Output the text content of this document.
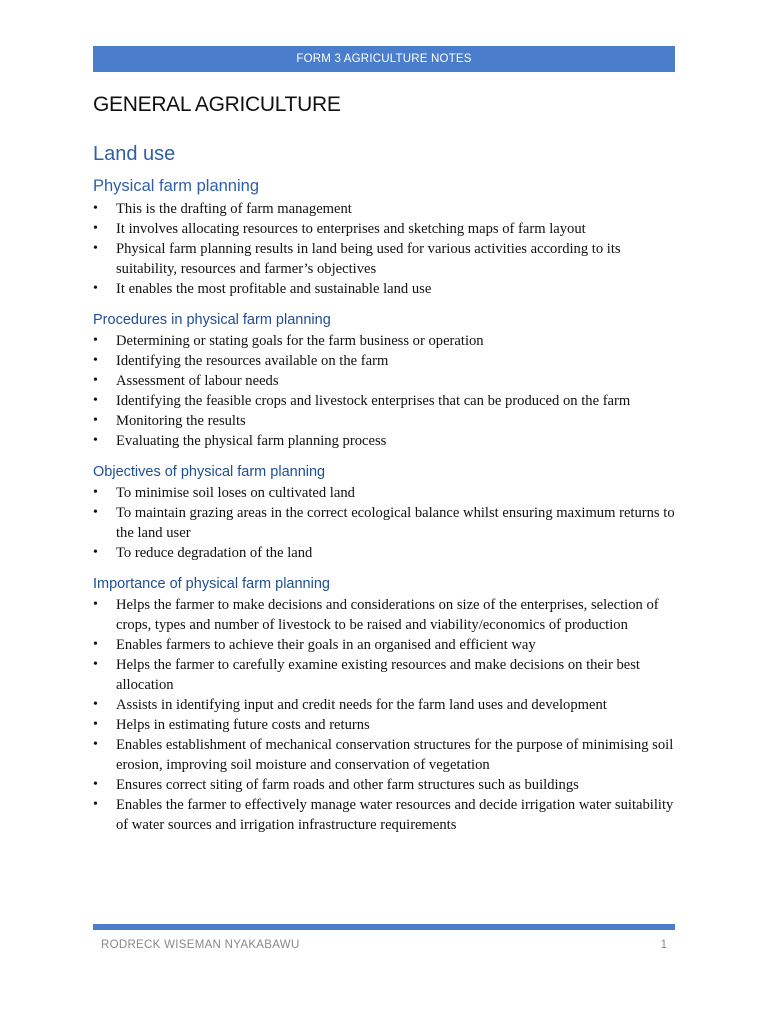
FORM 3 AGRICULTURE NOTES
GENERAL AGRICULTURE
Land use
Physical farm planning
• This is the drafting of farm management
• It involves allocating resources to enterprises and sketching maps of farm layout
• Physical farm planning results in land being used for various activities according to its suitability, resources and farmer’s objectives
• It enables the most profitable and sustainable land use
Procedures in physical farm planning
• Determining or stating goals for the farm business or operation
• Identifying the resources available on the farm
• Assessment of labour needs
• Identifying the feasible crops and livestock enterprises that can be produced on the farm
• Monitoring the results
• Evaluating the physical farm planning process
Objectives of physical farm planning
• To minimise soil loses on cultivated land
• To maintain grazing areas in the correct ecological balance whilst ensuring maximum returns to the land user
• To reduce degradation of the land
Importance of physical farm planning
• Helps the farmer to make decisions and considerations on size of the enterprises, selection of crops, types and number of livestock to be raised and viability/economics of production
• Enables farmers to achieve their goals in an organised and efficient way
• Helps the farmer to carefully examine existing resources and make decisions on their best allocation
• Assists in identifying input and credit needs for the farm land uses and development
• Helps in estimating future costs and returns
• Enables establishment of mechanical conservation structures for the purpose of minimising soil erosion, improving soil moisture and conservation of vegetation
• Ensures correct siting of farm roads and other farm structures such as buildings
• Enables the farmer to effectively manage water resources and decide irrigation water suitability of water sources and irrigation infrastructure requirements
RODRECK WISEMAN NYAKABAWU	1
